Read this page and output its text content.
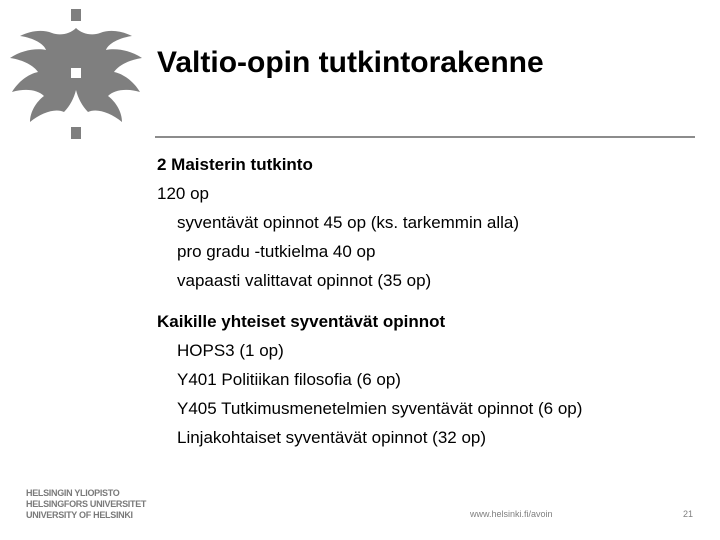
Valtio-opin tutkintorakenne
2 Maisterin tutkinto
120 op
syventävät opinnot 45 op (ks. tarkemmin alla)
pro gradu -tutkielma 40 op
vapaasti valittavat opinnot (35 op)
Kaikille yhteiset syventävät opinnot
HOPS3 (1 op)
Y401 Politiikan filosofia (6 op)
Y405 Tutkimusmenetelmien syventävät opinnot (6 op)
Linjakohtaiset syventävät opinnot (32 op)
HELSINGIN YLIOPISTO
HELSINGFORS UNIVERSITET
UNIVERSITY OF HELSINKI	www.helsinki.fi/avoin	21
